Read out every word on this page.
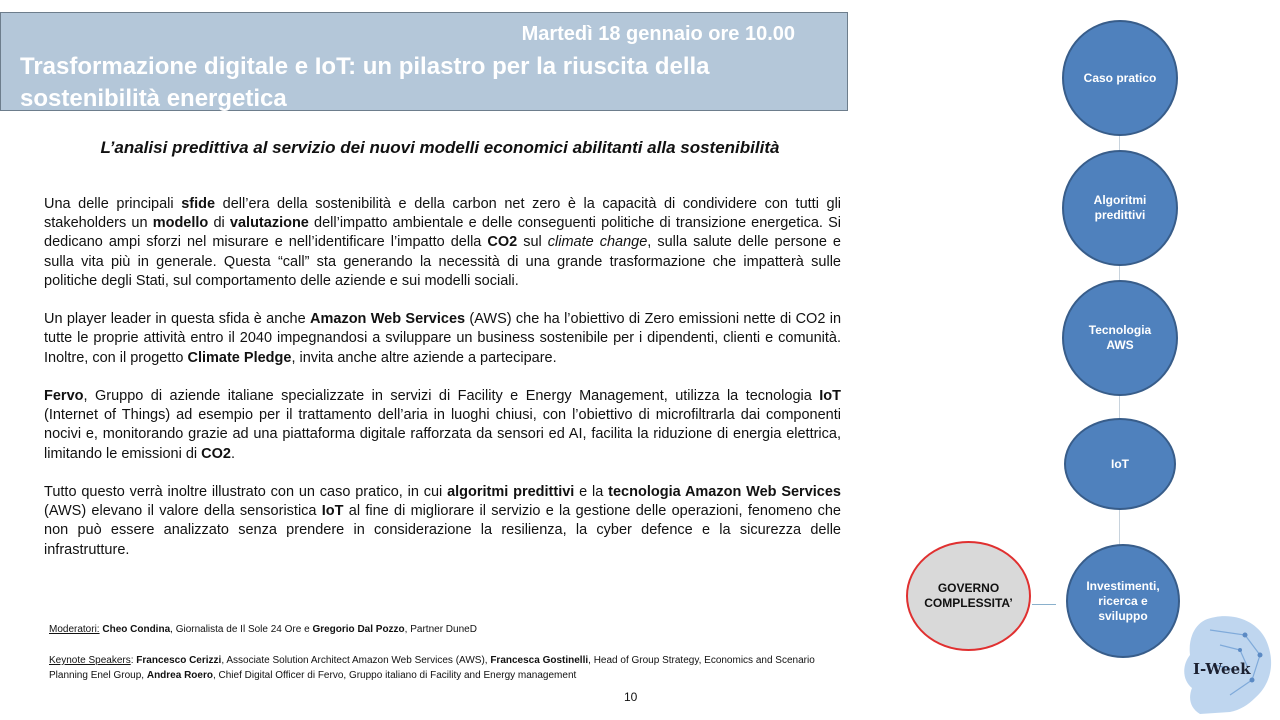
Martedì 18 gennaio ore 10.00
Trasformazione digitale e IoT: un pilastro per la riuscita della sostenibilità energetica
L’analisi predittiva al servizio dei nuovi modelli economici abilitanti alla sostenibilità

Una delle principali sfide dell’era della sostenibilità e della carbon net zero è la capacità di condividere con tutti gli stakeholders un modello di valutazione dell’impatto ambientale e delle conseguenti politiche di transizione energetica. Si dedicano ampi sforzi nel misurare e nell’identificare l’impatto della CO2 sul climate change, sulla salute delle persone e sulla vita più in generale. Questa “call” sta generando la necessità di una grande trasformazione che impatterà sulle politiche degli Stati, sul comportamento delle aziende e sui modelli sociali.

Un player leader in questa sfida è anche Amazon Web Services (AWS) che ha l’obiettivo di Zero emissioni nette di CO2 in tutte le proprie attività entro il 2040 impegnandosi a sviluppare un business sostenibile per i dipendenti, clienti e comunità. Inoltre, con il progetto Climate Pledge, invita anche altre aziende a partecipare.

Fervo, Gruppo di aziende italiane specializzate in servizi di Facility e Energy Management, utilizza la tecnologia IoT (Internet of Things) ad esempio per il trattamento dell’aria in luoghi chiusi, con l’obiettivo di microfiltrarla dai componenti nocivi e, monitorando grazie ad una piattaforma digitale rafforzata da sensori ed AI, facilita la riduzione di energia elettrica, limitando le emissioni di CO2.

Tutto questo verrà inoltre illustrato con un caso pratico, in cui algoritmi predittivi e la tecnologia Amazon Web Services (AWS) elevano il valore della sensoristica IoT al fine di migliorare il servizio e la gestione delle operazioni, fenomeno che non può essere analizzato senza prendere in considerazione la resilienza, la cyber defence e la sicurezza delle infrastrutture.

Moderatori: Cheo Condina, Giornalista de Il Sole 24 Ore e Gregorio Dal Pozzo, Partner DuneD
Keynote Speakers: Francesco Cerizzi, Associate Solution Architect Amazon Web Services (AWS), Francesca Gostinelli, Head of Group Strategy, Economics and Scenario Planning Enel Group, Andrea Roero, Chief Digital Officer di Fervo, Gruppo italiano di Facility and Energy management
10
Caso pratico
Algoritmi predittivi
Tecnologia AWS
IoT
Investimenti, ricerca e sviluppo
GOVERNO COMPLESSITA’
I-Week
